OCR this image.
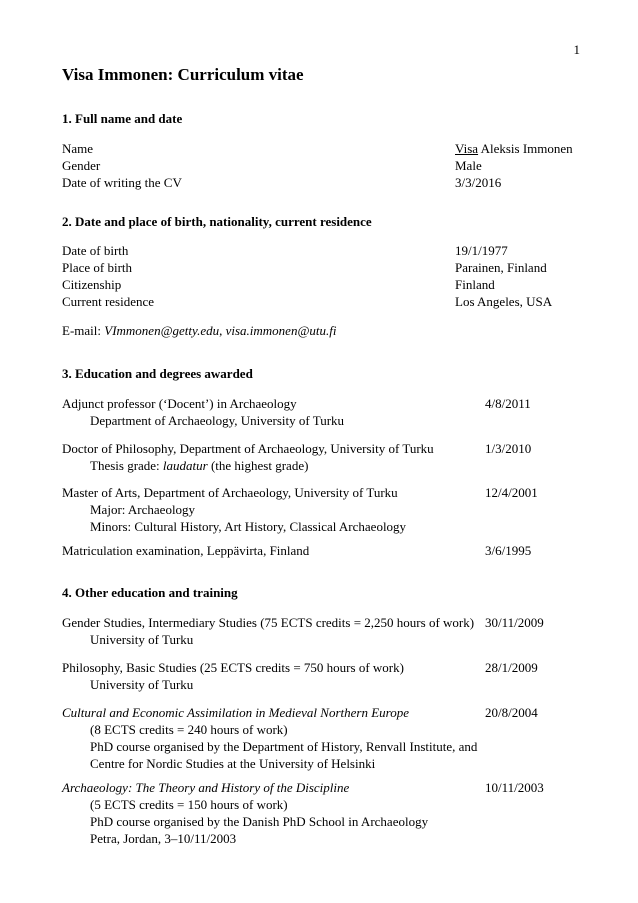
1
Visa Immonen: Curriculum vitae
1. Full name and date
Name	Visa Aleksis Immonen
Gender	Male
Date of writing the CV	3/3/2016
2. Date and place of birth, nationality, current residence
Date of birth	19/1/1977
Place of birth	Parainen, Finland
Citizenship	Finland
Current residence	Los Angeles, USA
E-mail: VImmonen@getty.edu, visa.immonen@utu.fi
3. Education and degrees awarded
Adjunct professor (‘Docent’) in Archaeology	4/8/2011
Department of Archaeology, University of Turku
Doctor of Philosophy, Department of Archaeology, University of Turku	1/3/2010
Thesis grade: laudatur (the highest grade)
Master of Arts, Department of Archaeology, University of Turku	12/4/2001
Major: Archaeology
Minors: Cultural History, Art History, Classical Archaeology
Matriculation examination, Leppävirta, Finland	3/6/1995
4. Other education and training
Gender Studies, Intermediary Studies (75 ECTS credits = 2,250 hours of work) 30/11/2009
University of Turku
Philosophy, Basic Studies (25 ECTS credits = 750 hours of work)	28/1/2009
University of Turku
Cultural and Economic Assimilation in Medieval Northern Europe	20/8/2004
(8 ECTS credits = 240 hours of work)
PhD course organised by the Department of History, Renvall Institute, and
Centre for Nordic Studies at the University of Helsinki
Archaeology: The Theory and History of the Discipline	10/11/2003
(5 ECTS credits = 150 hours of work)
PhD course organised by the Danish PhD School in Archaeology
Petra, Jordan, 3–10/11/2003
